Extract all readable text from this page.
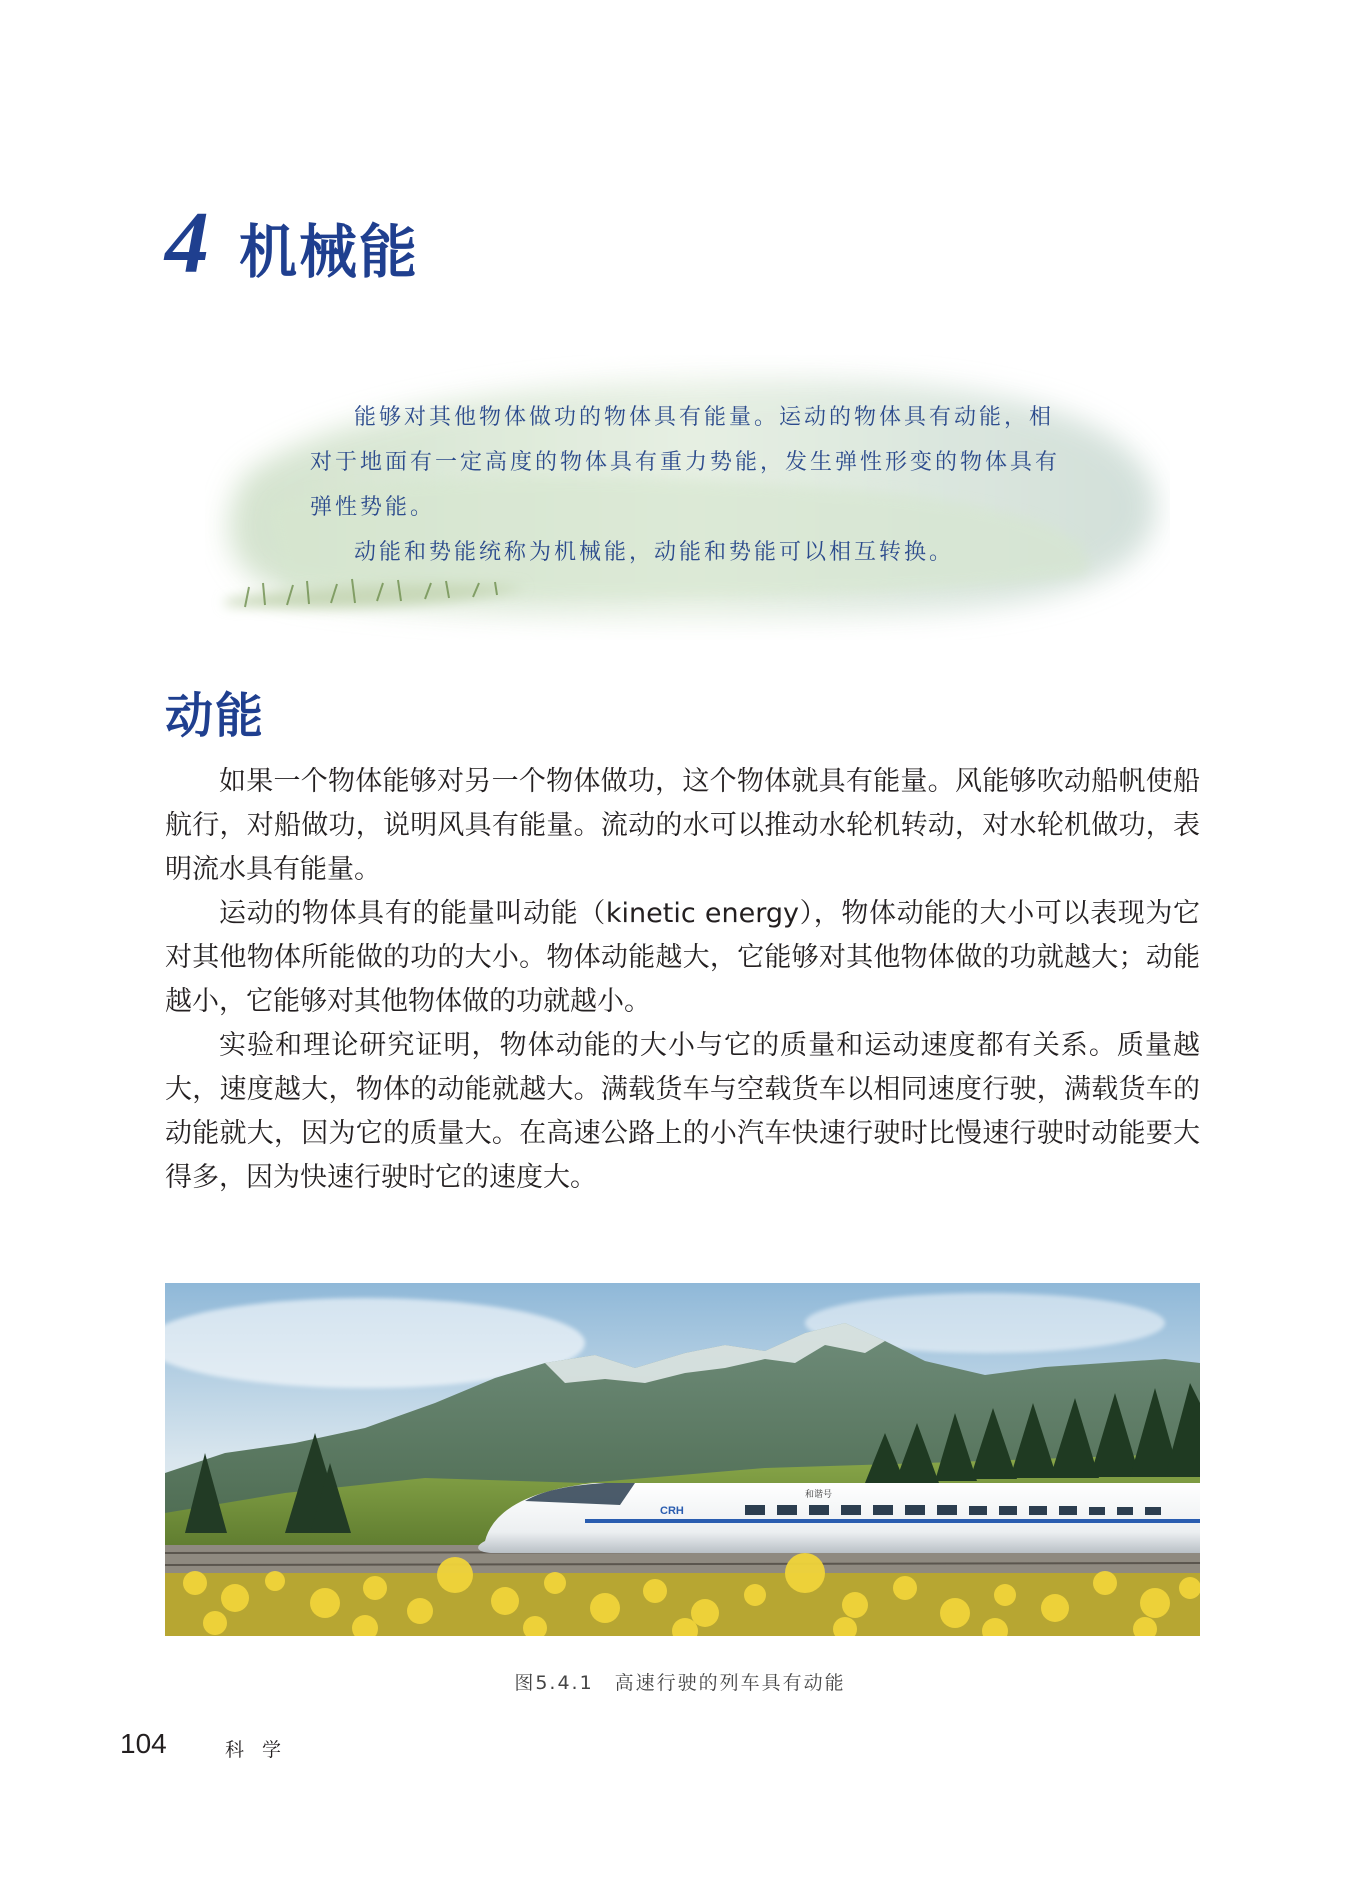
4 机械能

能够对其他物体做功的物体具有能量。运动的物体具有动能，相对于地面有一定高度的物体具有重力势能，发生弹性形变的物体具有弹性势能。

动能和势能统称为机械能，动能和势能可以相互转换。

动能

如果一个物体能够对另一个物体做功，这个物体就具有能量。风能够吹动船帆使船航行，对船做功，说明风具有能量。流动的水可以推动水轮机转动，对水轮机做功，表明流水具有能量。

运动的物体具有的能量叫动能（kinetic energy），物体动能的大小可以表现为它对其他物体所能做的功的大小。物体动能越大，它能够对其他物体做的功就越大；动能越小，它能够对其他物体做的功就越小。

实验和理论研究证明，物体动能的大小与它的质量和运动速度都有关系。质量越大，速度越大，物体的动能就越大。满载货车与空载货车以相同速度行驶，满载货车的动能就大，因为它的质量大。在高速公路上的小汽车快速行驶时比慢速行驶时动能要大得多，因为快速行驶时它的速度大。

CRH
和谐号
图5.4.1　高速行驶的列车具有动能
104	科 学
